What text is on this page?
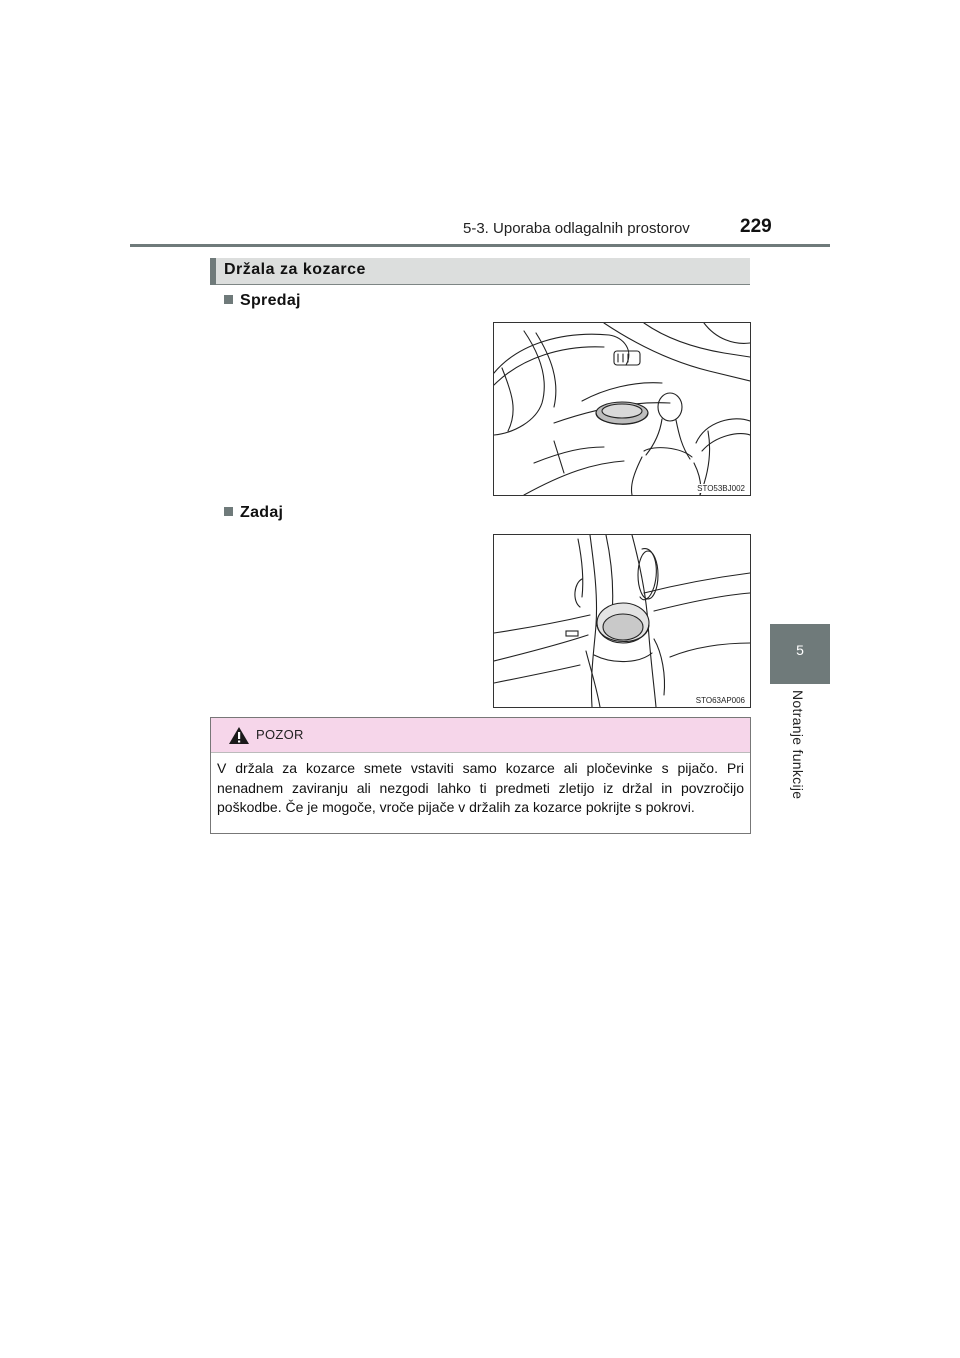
5-3. Uporaba odlagalnih prostorov	229
5
Notranje funkcije
Držala za kozarce
Spredaj
STO53BJ002
Zadaj
STO63AP006
POZOR
V držala za kozarce smete vstaviti samo kozarce ali pločevinke s pijačo. Pri nenadnem zaviranju ali nezgodi lahko ti predmeti zletijo iz držal in povzročijo poškodbe. Če je mogoče, vroče pijače v držalih za kozarce pokrijte s pokrovi.
